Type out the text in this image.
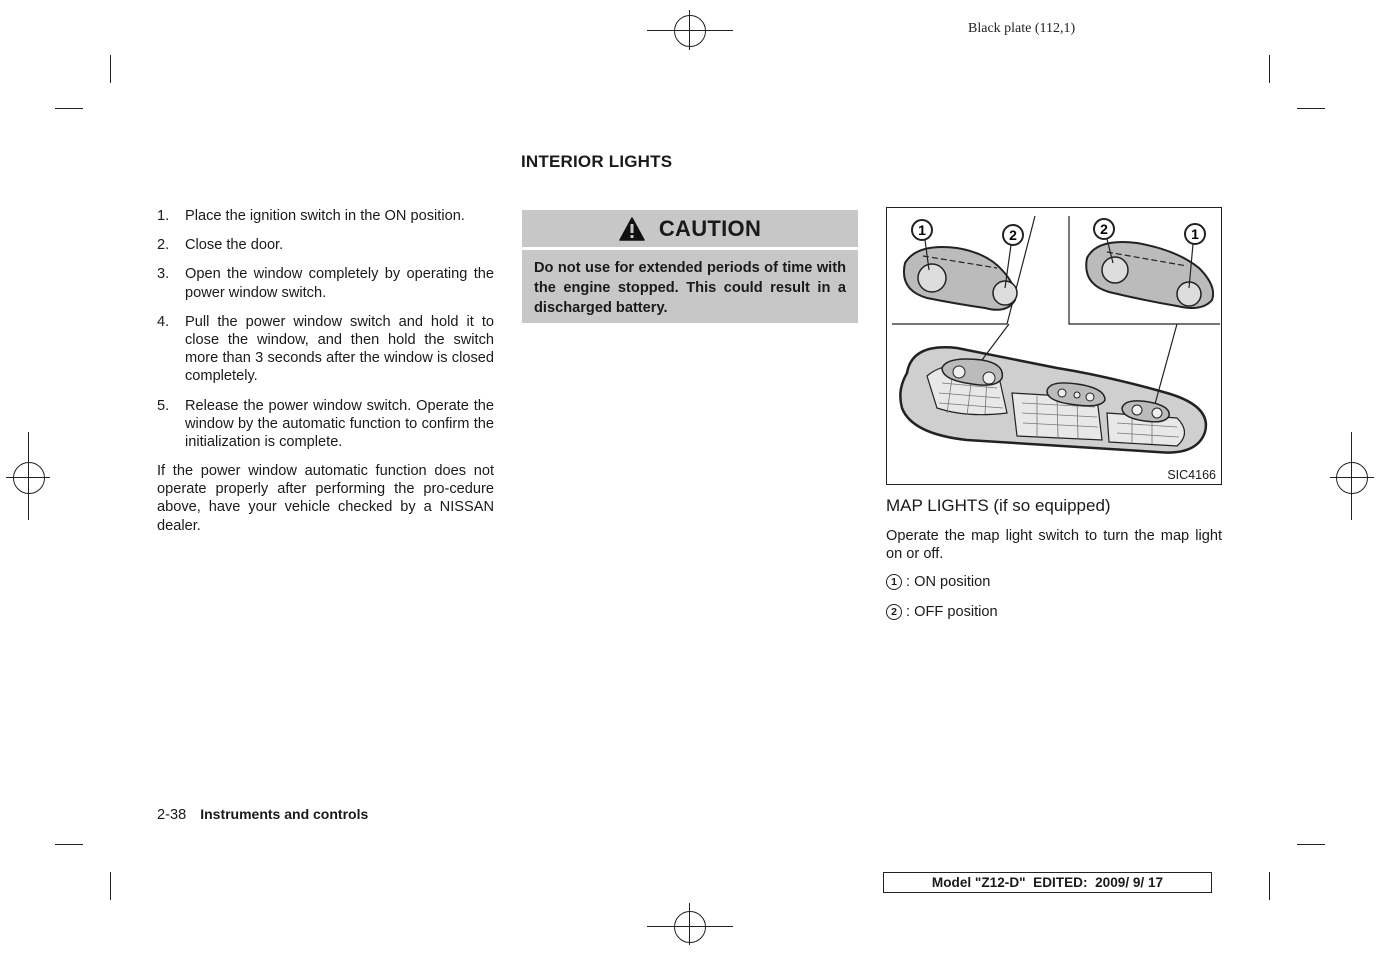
Black plate (112,1)
INTERIOR LIGHTS
1. Place the ignition switch in the ON position.
2. Close the door.
3. Open the window completely by operating the power window switch.
4. Pull the power window switch and hold it to close the window, and then hold the switch more than 3 seconds after the window is closed completely.
5. Release the power window switch. Operate the window by the automatic function to confirm the initialization is complete.
If the power window automatic function does not operate properly after performing the pro-cedure above, have your vehicle checked by a NISSAN dealer.
CAUTION
Do not use for extended periods of time with the engine stopped. This could result in a discharged battery.
1	2	2	1
SIC4166
MAP LIGHTS (if so equipped)
Operate the map light switch to turn the map light on or off.
1 : ON position
2 : OFF position
2-38 Instruments and controls
Model "Z12-D"  EDITED:  2009/ 9/ 17
